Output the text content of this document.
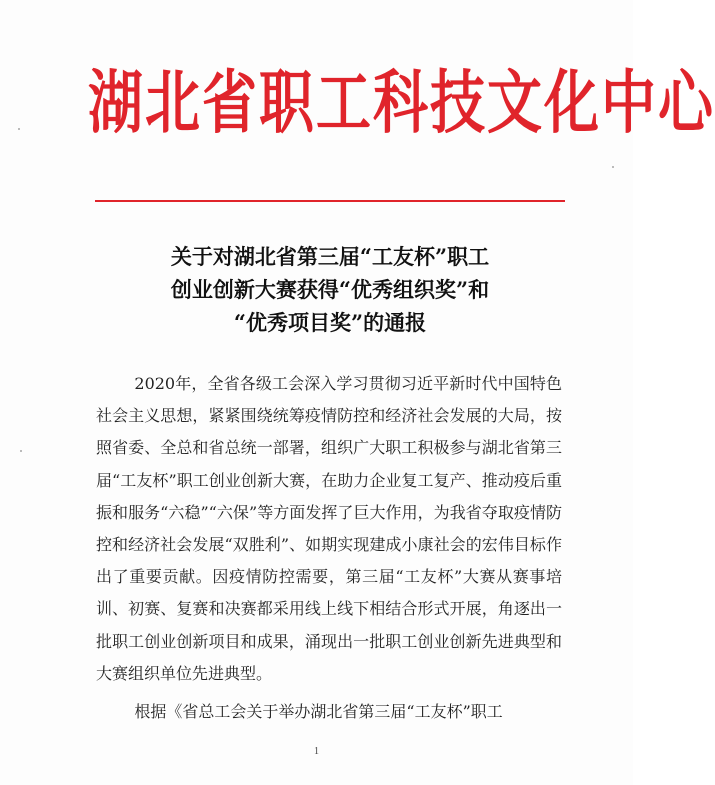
湖北省职工科技文化中心
关于对湖北省第三届“工友杯”职工
创业创新大赛获得“优秀组织奖”和
“优秀项目奖”的通报

2020年，全省各级工会深入学习贯彻习近平新时代中国特色社会主义思想，紧紧围绕统筹疫情防控和经济社会发展的大局，按照省委、全总和省总统一部署，组织广大职工积极参与湖北省第三届“工友杯”职工创业创新大赛，在助力企业复工复产、推动疫后重振和服务“六稳”“六保”等方面发挥了巨大作用，为我省夺取疫情防控和经济社会发展“双胜利”、如期实现建成小康社会的宏伟目标作出了重要贡献。因疫情防控需要，第三届“工友杯”大赛从赛事培训、初赛、复赛和决赛都采用线上线下相结合形式开展，角逐出一批职工创业创新项目和成果，涌现出一批职工创业创新先进典型和大赛组织单位先进典型。

根据《省总工会关于举办湖北省第三届“工友杯”职工
1
